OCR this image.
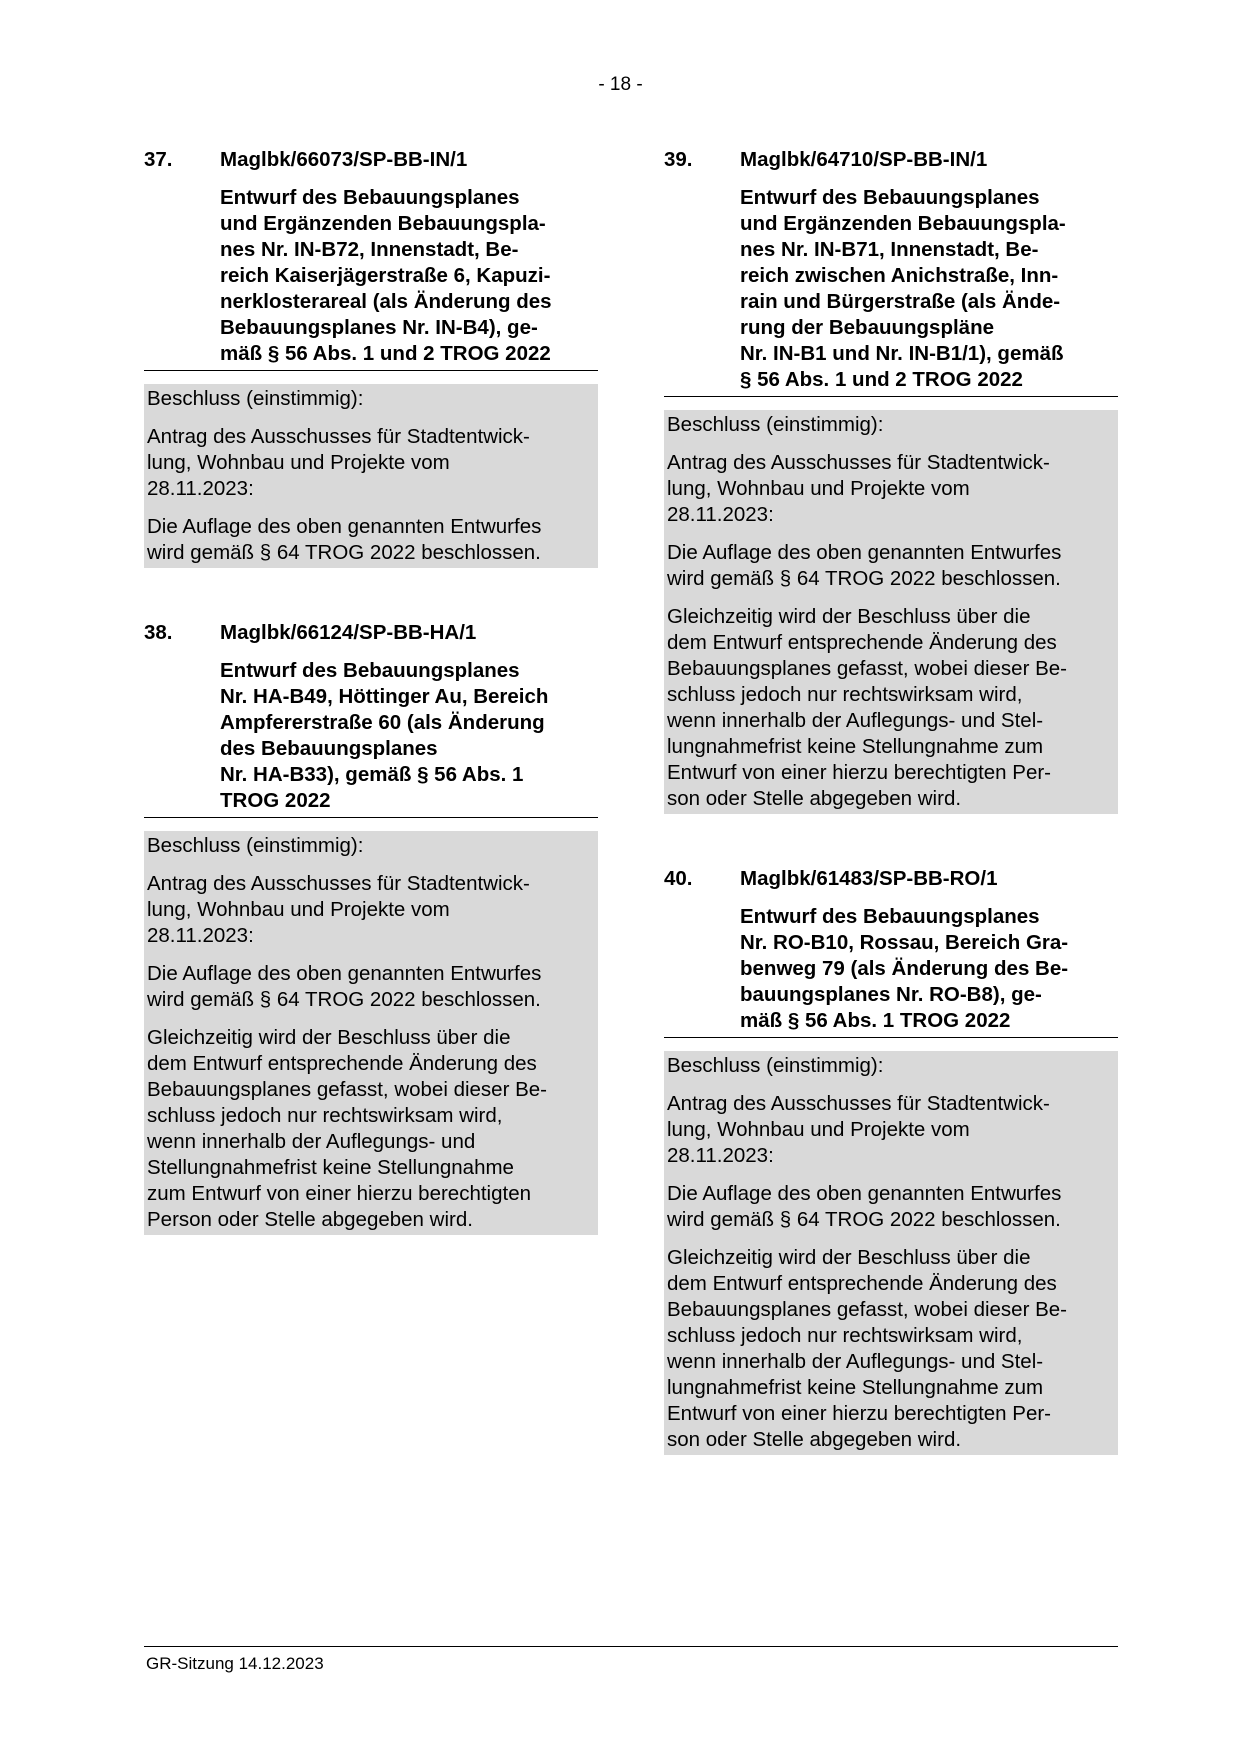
- 18 -
37.	Maglbk/66073/SP-BB-IN/1
Entwurf des Bebauungsplanes
und Ergänzenden Bebauungspla-
nes Nr. IN-B72, Innenstadt, Be-
reich Kaiserjägerstraße 6, Kapuzi-
nerklosterareal (als Änderung des
Bebauungsplanes Nr. IN-B4), ge-
mäß § 56 Abs. 1 und 2 TROG 2022

Beschluss (einstimmig):

Antrag des Ausschusses für Stadtentwick-
lung, Wohnbau und Projekte vom
28.11.2023:

Die Auflage des oben genannten Entwurfes
wird gemäß § 64 TROG 2022 beschlossen.

38.	Maglbk/66124/SP-BB-HA/1
Entwurf des Bebauungsplanes
Nr. HA-B49, Höttinger Au, Bereich
Ampfererstraße 60 (als Änderung
des Bebauungsplanes
Nr. HA-B33), gemäß § 56 Abs. 1
TROG 2022

Beschluss (einstimmig):

Antrag des Ausschusses für Stadtentwick-
lung, Wohnbau und Projekte vom
28.11.2023:

Die Auflage des oben genannten Entwurfes
wird gemäß § 64 TROG 2022 beschlossen.

Gleichzeitig wird der Beschluss über die
dem Entwurf entsprechende Änderung des
Bebauungsplanes gefasst, wobei dieser Be-
schluss jedoch nur rechtswirksam wird,
wenn innerhalb der Auflegungs- und
Stellungnahmefrist keine Stellungnahme
zum Entwurf von einer hierzu berechtigten
Person oder Stelle abgegeben wird.

39.	Maglbk/64710/SP-BB-IN/1
Entwurf des Bebauungsplanes
und Ergänzenden Bebauungspla-
nes Nr. IN-B71, Innenstadt, Be-
reich zwischen Anichstraße, Inn-
rain und Bürgerstraße (als Ände-
rung der Bebauungspläne
Nr. IN-B1 und Nr. IN-B1/1), gemäß
§ 56 Abs. 1 und 2 TROG 2022

Beschluss (einstimmig):

Antrag des Ausschusses für Stadtentwick-
lung, Wohnbau und Projekte vom
28.11.2023:

Die Auflage des oben genannten Entwurfes
wird gemäß § 64 TROG 2022 beschlossen.

Gleichzeitig wird der Beschluss über die
dem Entwurf entsprechende Änderung des
Bebauungsplanes gefasst, wobei dieser Be-
schluss jedoch nur rechtswirksam wird,
wenn innerhalb der Auflegungs- und Stel-
lungnahmefrist keine Stellungnahme zum
Entwurf von einer hierzu berechtigten Per-
son oder Stelle abgegeben wird.

40.	Maglbk/61483/SP-BB-RO/1
Entwurf des Bebauungsplanes
Nr. RO-B10, Rossau, Bereich Gra-
benweg 79 (als Änderung des Be-
bauungsplanes Nr. RO-B8), ge-
mäß § 56 Abs. 1 TROG 2022

Beschluss (einstimmig):

Antrag des Ausschusses für Stadtentwick-
lung, Wohnbau und Projekte vom
28.11.2023:

Die Auflage des oben genannten Entwurfes
wird gemäß § 64 TROG 2022 beschlossen.

Gleichzeitig wird der Beschluss über die
dem Entwurf entsprechende Änderung des
Bebauungsplanes gefasst, wobei dieser Be-
schluss jedoch nur rechtswirksam wird,
wenn innerhalb der Auflegungs- und Stel-
lungnahmefrist keine Stellungnahme zum
Entwurf von einer hierzu berechtigten Per-
son oder Stelle abgegeben wird.

GR-Sitzung 14.12.2023
